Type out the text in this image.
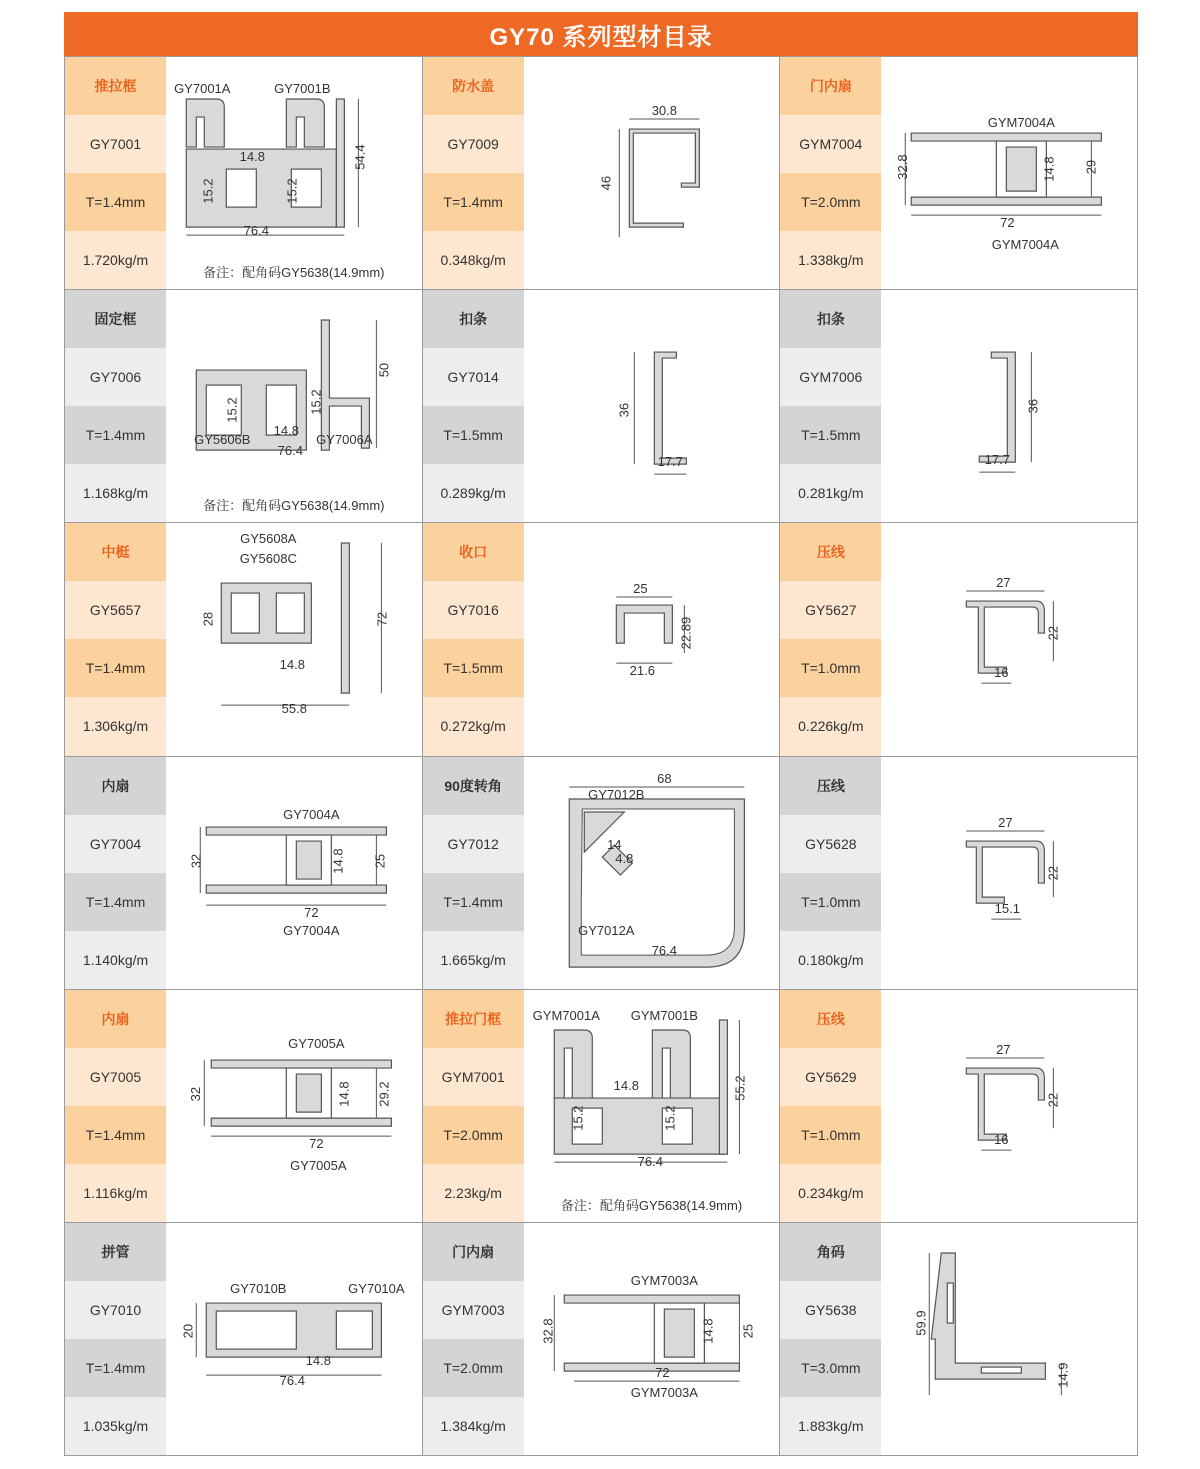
GY70 系列型材目录
推拉框
GY7001
T=1.4mm
1.720kg/m
GY7001A	GY7001B
14.8	54.4
15.2	15.2
76.4
备注：配角码GY5638(14.9mm)
防水盖
GY7009
T=1.4mm
0.348kg/m
30.8
46
门内扇
GYM7004
T=2.0mm
1.338kg/m
GYM7004A
32.8	14.8 29
72
GYM7004A
固定框
GY7006
T=1.4mm
1.168kg/m
50
15.2	15.2
14.8
GY5606B
76.4
GY7006A
备注：配角码GY5638(14.9mm)
扣条
GY7014
T=1.5mm
0.289kg/m
36
17.7
扣条
GYM7006
T=1.5mm
0.281kg/m
36
17.7
中梃
GY5657
T=1.4mm
1.306kg/m
GY5608A
GY5608C
28	72
14.8
55.8
收口
GY7016
T=1.5mm
0.272kg/m
25
22.89
21.6
压线
GY5627
T=1.0mm
0.226kg/m
27
22
16
内扇
GY7004
T=1.4mm
1.140kg/m
GY7004A
32	14.8 25
72
GY7004A
90度转角
GY7012
T=1.4mm
1.665kg/m
68
GY7012B
14
4.8
GY7012A
76.4
压线
GY5628
T=1.0mm
0.180kg/m
27
22
15.1
内扇
GY7005
T=1.4mm
1.116kg/m
GY7005A
32	14.8 29.2
72
GY7005A
推拉门框
GYM7001
T=2.0mm
2.23kg/m
GYM7001A GYM7001B
14.8	55.2
15.2	15.2
76.4
备注：配角码GY5638(14.9mm)
压线
GY5629
T=1.0mm
0.234kg/m
27
22
16
拼管
GY7010
T=1.4mm
1.035kg/m
GY7010B	GY7010A
20
14.8
76.4
门内扇
GYM7003
T=2.0mm
1.384kg/m
GYM7003A
32.8	14.8 25
72
GYM7003A
角码
GY5638
T=3.0mm
1.883kg/m
59.9
14.9
